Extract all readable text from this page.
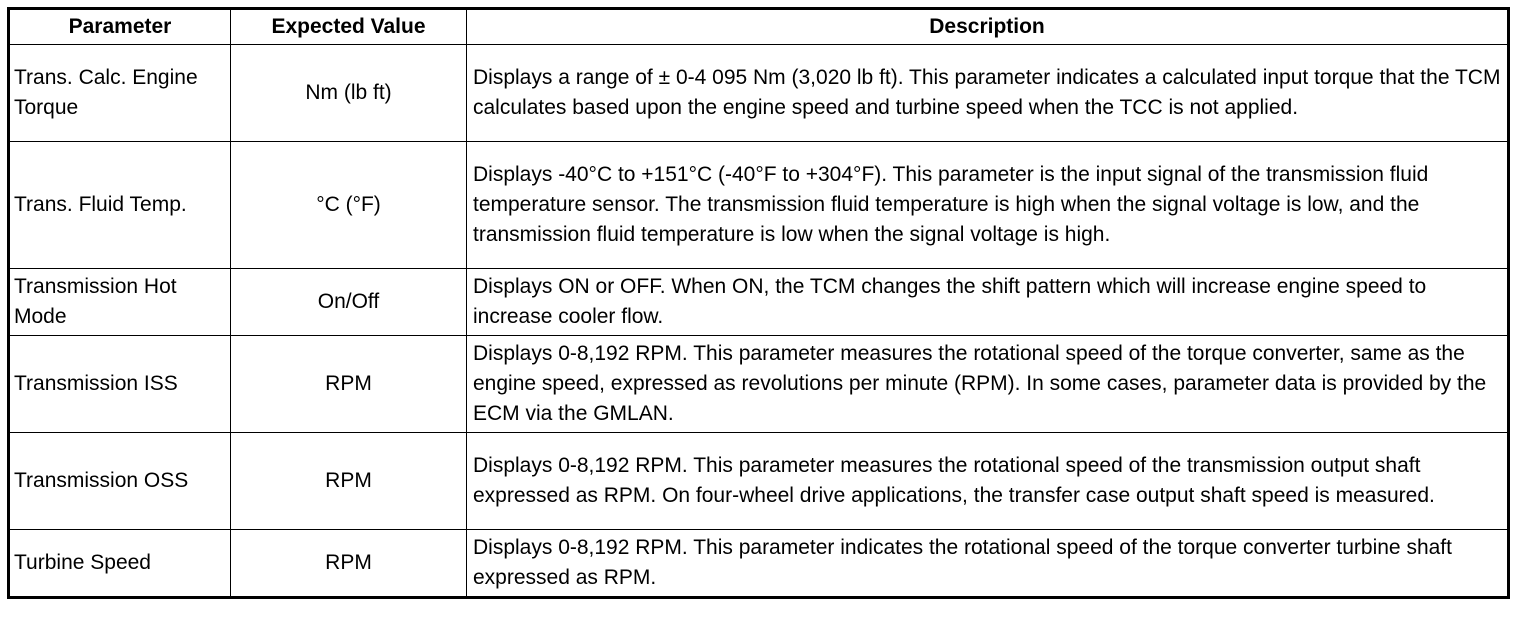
Parameter	Expected Value	Description
Trans. Calc. Engine Torque	Nm (lb ft)	Displays a range of ± 0-4 095 Nm (3,020 lb ft). This parameter indicates a calculated input torque that the TCM calculates based upon the engine speed and turbine speed when the TCC is not applied.
Trans. Fluid Temp.	°C (°F)	Displays -40°C to +151°C (-40°F to +304°F). This parameter is the input signal of the transmission fluid temperature sensor. The transmission fluid temperature is high when the signal voltage is low, and the transmission fluid temperature is low when the signal voltage is high.
Transmission Hot Mode	On/Off	Displays ON or OFF. When ON, the TCM changes the shift pattern which will increase engine speed to increase cooler flow.
Transmission ISS	RPM	Displays 0-8,192 RPM. This parameter measures the rotational speed of the torque converter, same as the engine speed, expressed as revolutions per minute (RPM). In some cases, parameter data is provided by the ECM via the GMLAN.
Transmission OSS	RPM	Displays 0-8,192 RPM. This parameter measures the rotational speed of the transmission output shaft expressed as RPM. On four-wheel drive applications, the transfer case output shaft speed is measured.
Turbine Speed	RPM	Displays 0-8,192 RPM. This parameter indicates the rotational speed of the torque converter turbine shaft expressed as RPM.
